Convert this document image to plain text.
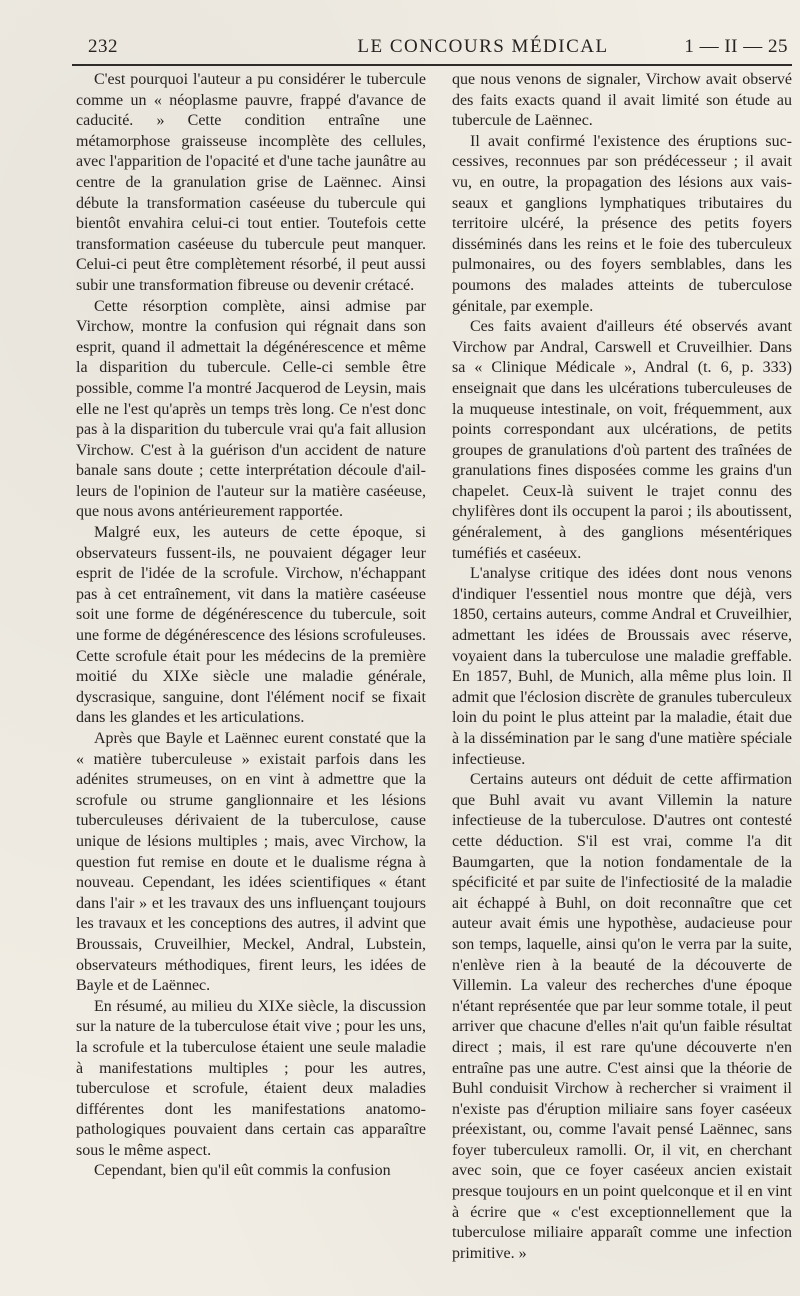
232	LE CONCOURS MÉDICAL	1 — II — 25

C'est pourquoi l'auteur a pu considérer le tubercule comme un « néoplasme pauvre, frappé d'avance de caducité. » Cette condition entraîne une métamorphose graisseuse incomplète des cellules, avec l'apparition de l'opacité et d'une tache jaunâtre au centre de la granulation grise de Laënnec. Ainsi débute la transformation caséeuse du tubercule qui bientôt envahira celui-ci tout entier. Toutefois cette transformation caséeuse du tubercule peut manquer. Celui-ci peut être complètement résorbé, il peut aussi subir une transformation fibreuse ou devenir crétacé.

Cette résorption complète, ainsi admise par Virchow, montre la confusion qui régnait dans son esprit, quand il admettait la dégénérescence et même la disparition du tubercule. Celle-ci semble être possible, comme l'a montré Jacquerod de Leysin, mais elle ne l'est qu'après un temps très long. Ce n'est donc pas à la disparition du tubercule vrai qu'a fait allusion Virchow. C'est à la guérison d'un accident de nature banale sans doute ; cette interprétation découle d'ailleurs de l'opinion de l'auteur sur la matière caséeuse, que nous avons antérieurement rapportée.

Malgré eux, les auteurs de cette époque, si observateurs fussent-ils, ne pouvaient dégager leur esprit de l'idée de la scrofule. Virchow, n'échappant pas à cet entraînement, vit dans la matière caséeuse soit une forme de dégénérescence du tubercule, soit une forme de dégénérescence des lésions scrofuleuses. Cette scrofule était pour les médecins de la première moitié du XIXe siècle une maladie générale, dyscrasique, sanguine, dont l'élément nocif se fixait dans les glandes et les articulations.

Après que Bayle et Laënnec eurent constaté que la « matière tuberculeuse » existait parfois dans les adénites strumeuses, on en vint à admettre que la scrofule ou strume ganglionnaire et les lésions tuberculeuses dérivaient de la tuberculose, cause unique de lésions multiples ; mais, avec Virchow, la question fut remise en doute et le dualisme régna à nouveau. Cependant, les idées scientifiques « étant dans l'air » et les travaux des uns influençant toujours les travaux et les conceptions des autres, il advint que Broussais, Cruveilhier, Meckel, Andral, Lubstein, observateurs méthodiques, firent leurs, les idées de Bayle et de Laënnec.

En résumé, au milieu du XIXe siècle, la discussion sur la nature de la tuberculose était vive ; pour les uns, la scrofule et la tuberculose étaient une seule maladie à manifestations multiples ; pour les autres, tuberculose et scrofule, étaient deux maladies différentes dont les manifestations anatomo-pathologiques pouvaient dans certain cas apparaître sous le même aspect.

Cependant, bien qu'il eût commis la confusion

que nous venons de signaler, Virchow avait observé des faits exacts quand il avait limité son étude au tubercule de Laënnec.

Il avait confirmé l'existence des éruptions successives, reconnues par son prédécesseur ; il avait vu, en outre, la propagation des lésions aux vaisseaux et ganglions lymphatiques tributaires du territoire ulcéré, la présence des petits foyers disséminés dans les reins et le foie des tuberculeux pulmonaires, ou des foyers semblables, dans les poumons des malades atteints de tuberculose génitale, par exemple.

Ces faits avaient d'ailleurs été observés avant Virchow par Andral, Carswell et Cruveilhier. Dans sa « Clinique Médicale », Andral (t. 6, p. 333) enseignait que dans les ulcérations tuberculeuses de la muqueuse intestinale, on voit, fréquemment, aux points correspondant aux ulcérations, de petits groupes de granulations d'où partent des traînées de granulations fines disposées comme les grains d'un chapelet. Ceux-là suivent le trajet connu des chylifères dont ils occupent la paroi ; ils aboutissent, généralement, à des ganglions mésentériques tuméfiés et caséeux.

L'analyse critique des idées dont nous venons d'indiquer l'essentiel nous montre que déjà, vers 1850, certains auteurs, comme Andral et Cruveilhier, admettant les idées de Broussais avec réserve, voyaient dans la tuberculose une maladie greffable. En 1857, Buhl, de Munich, alla même plus loin. Il admit que l'éclosion discrète de granules tuberculeux loin du point le plus atteint par la maladie, était due à la dissémination par le sang d'une matière spéciale infectieuse.

Certains auteurs ont déduit de cette affirmation que Buhl avait vu avant Villemin la nature infectieuse de la tuberculose. D'autres ont contesté cette déduction. S'il est vrai, comme l'a dit Baumgarten, que la notion fondamentale de la spécificité et par suite de l'infectiosité de la maladie ait échappé à Buhl, on doit reconnaître que cet auteur avait émis une hypothèse, audacieuse pour son temps, laquelle, ainsi qu'on le verra par la suite, n'enlève rien à la beauté de la découverte de Villemin. La valeur des recherches d'une époque n'étant représentée que par leur somme totale, il peut arriver que chacune d'elles n'ait qu'un faible résultat direct ; mais, il est rare qu'une découverte n'en entraîne pas une autre. C'est ainsi que la théorie de Buhl conduisit Virchow à rechercher si vraiment il n'existe pas d'éruption miliaire sans foyer caséeux préexistant, ou, comme l'avait pensé Laënnec, sans foyer tuberculeux ramolli. Or, il vit, en cherchant avec soin, que ce foyer caséeux ancien existait presque toujours en un point quelconque et il en vint à écrire que « c'est exceptionnellement que la tuberculose miliaire apparaît comme une infection primitive. »
